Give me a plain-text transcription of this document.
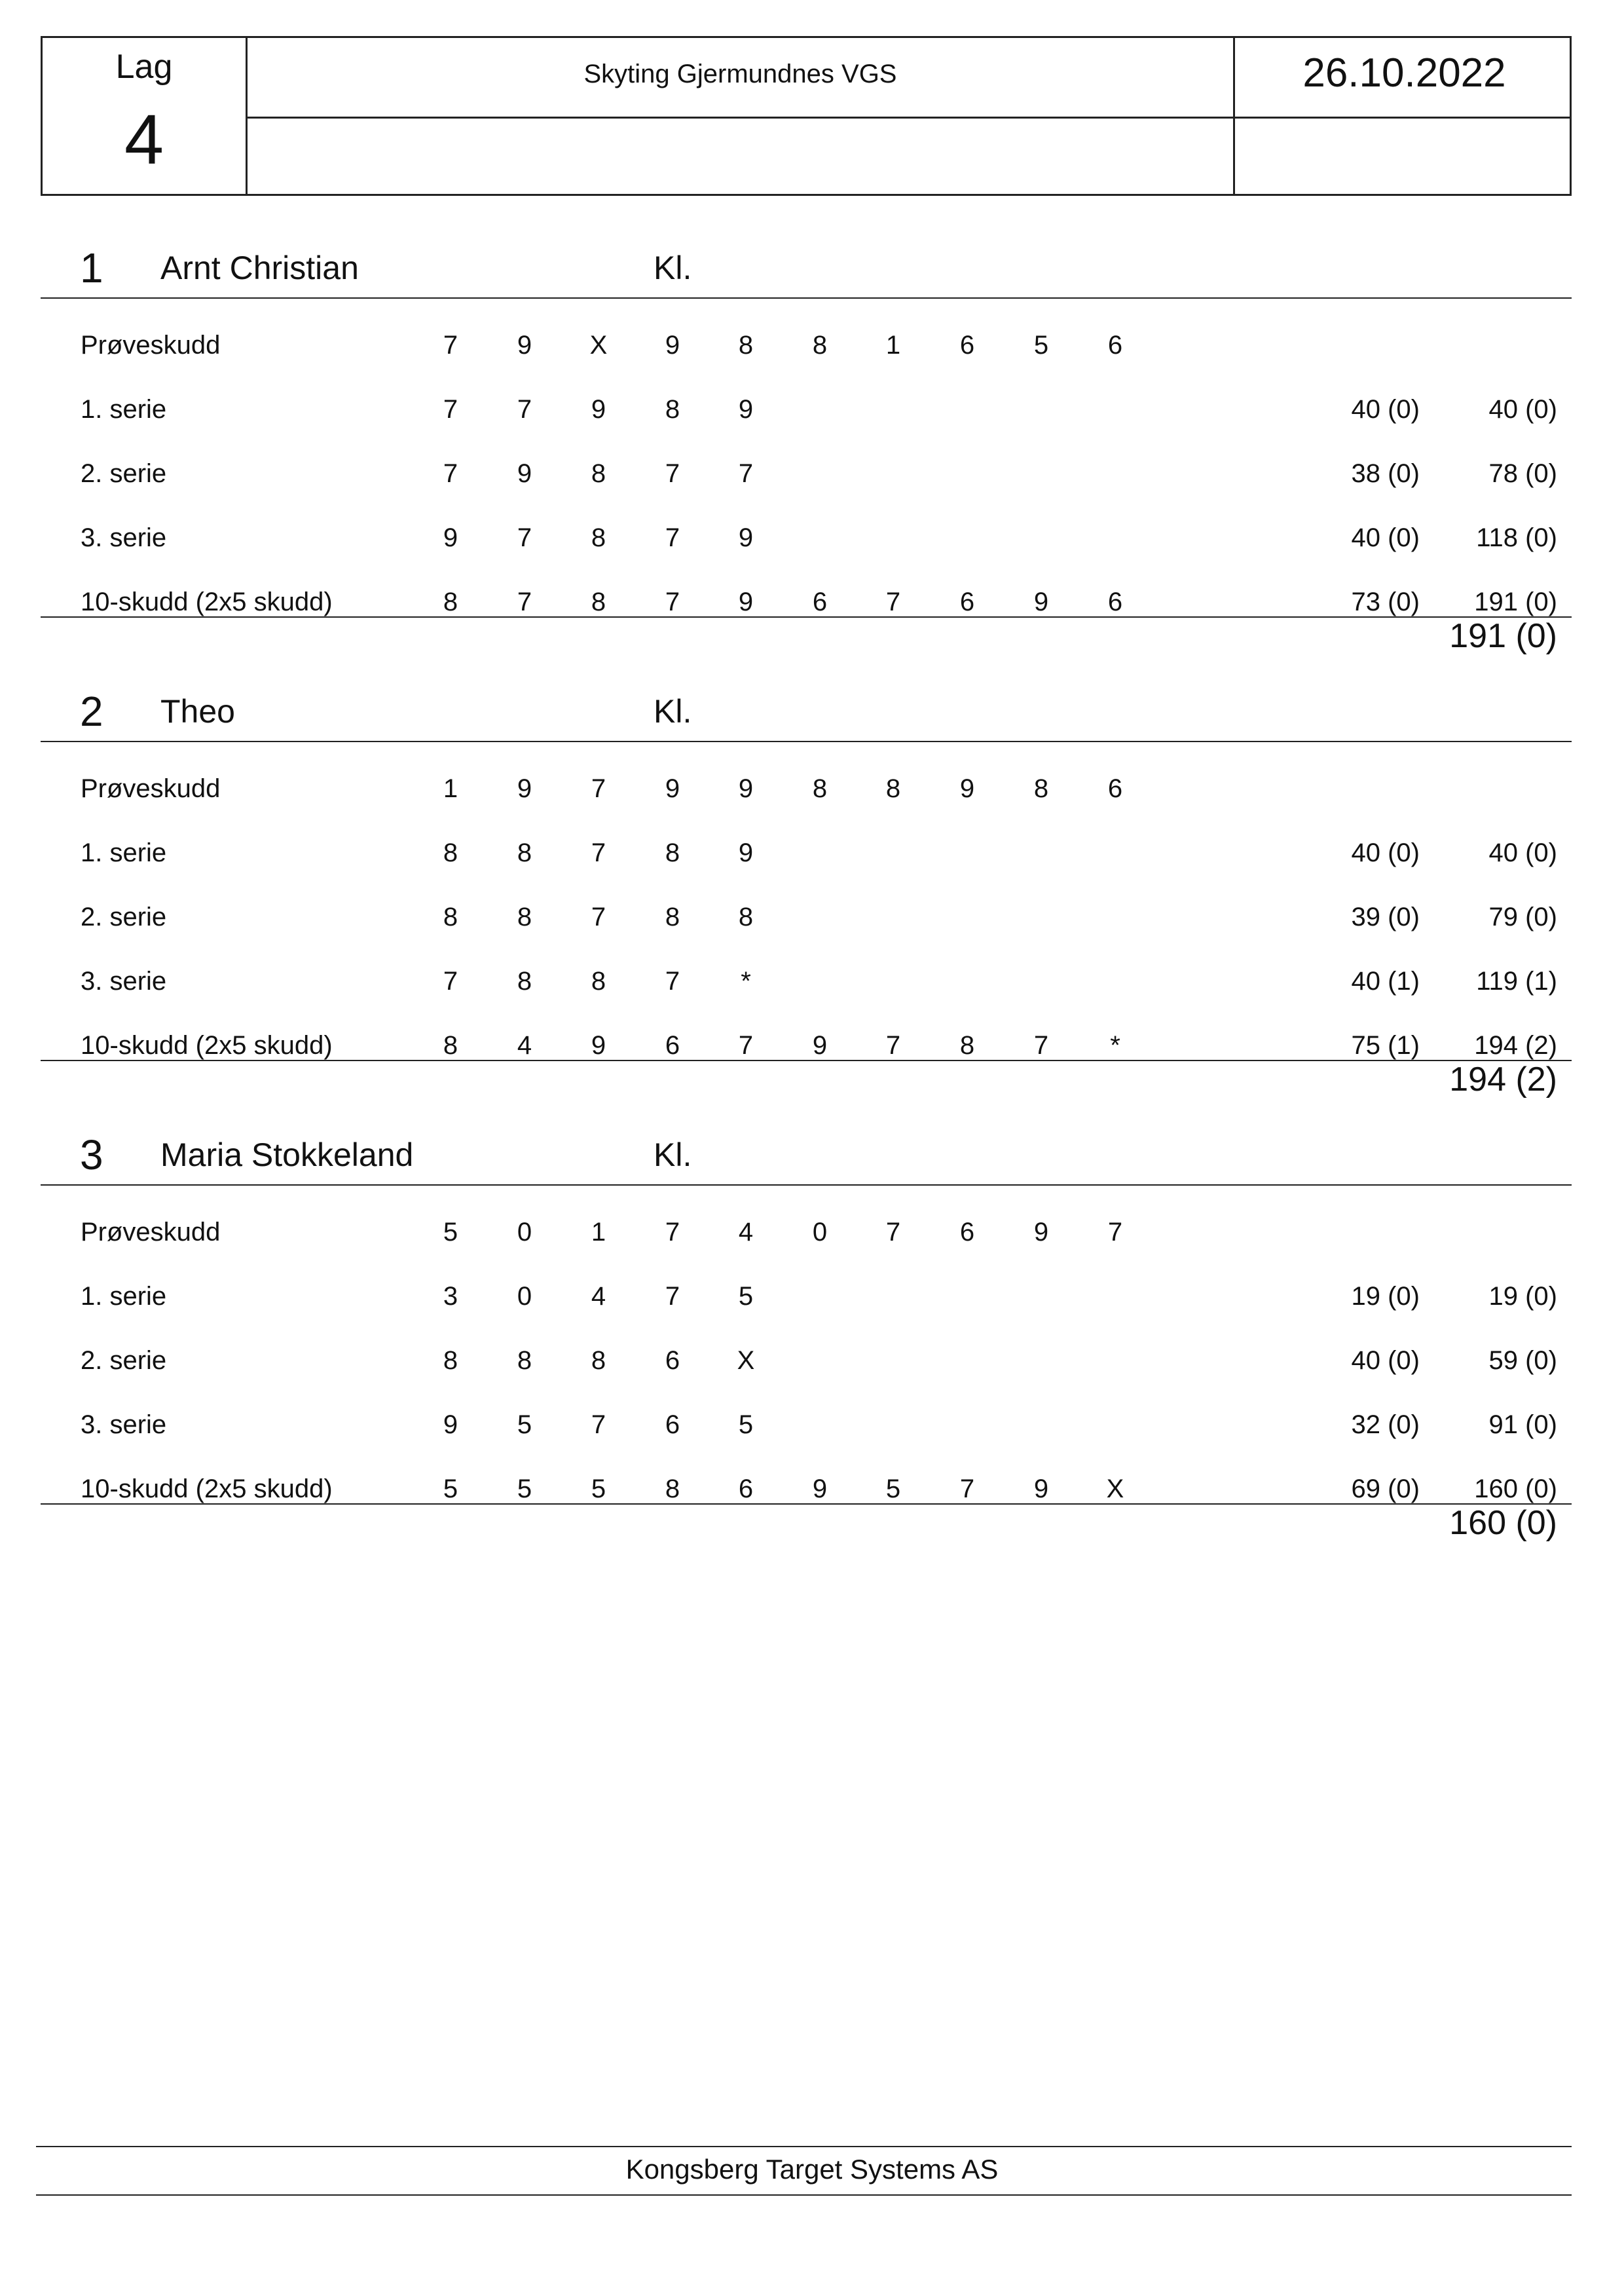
Lag
4
Skyting Gjermundnes VGS	26.10.2022
1 Arnt Christian	Kl.
Prøveskudd	7	9	X	9	8	8	1	6	5	6
1. serie	7	7	9	8	9	40 (0)	40 (0)
2. serie	7	9	8	7	7	38 (0)	78 (0)
3. serie	9	7	8	7	9	40 (0) 118 (0)
10-skudd (2x5 skudd)	8	7	8	7	9	6	7	6	9	6	73 (0) 191 (0)
191 (0)
2 Theo	Kl.
Prøveskudd	1	9	7	9	9	8	8	9	8	6
1. serie	8	8	7	8	9	40 (0)	40 (0)
2. serie	8	8	7	8	8	39 (0)	79 (0)
3. serie	7	8	8	7	*	40 (1) 119 (1)
10-skudd (2x5 skudd)	8	4	9	6	7	9	7	8	7	*	75 (1) 194 (2)
194 (2)
3 Maria Stokkeland	Kl.
Prøveskudd	5	0	1	7	4	0	7	6	9	7
1. serie	3	0	4	7	5	19 (0)	19 (0)
2. serie	8	8	8	6	X	40 (0)	59 (0)
3. serie	9	5	7	6	5	32 (0)	91 (0)
10-skudd (2x5 skudd)	5	5	5	8	6	9	5	7	9	X	69 (0) 160 (0)
160 (0)
Kongsberg Target Systems AS
